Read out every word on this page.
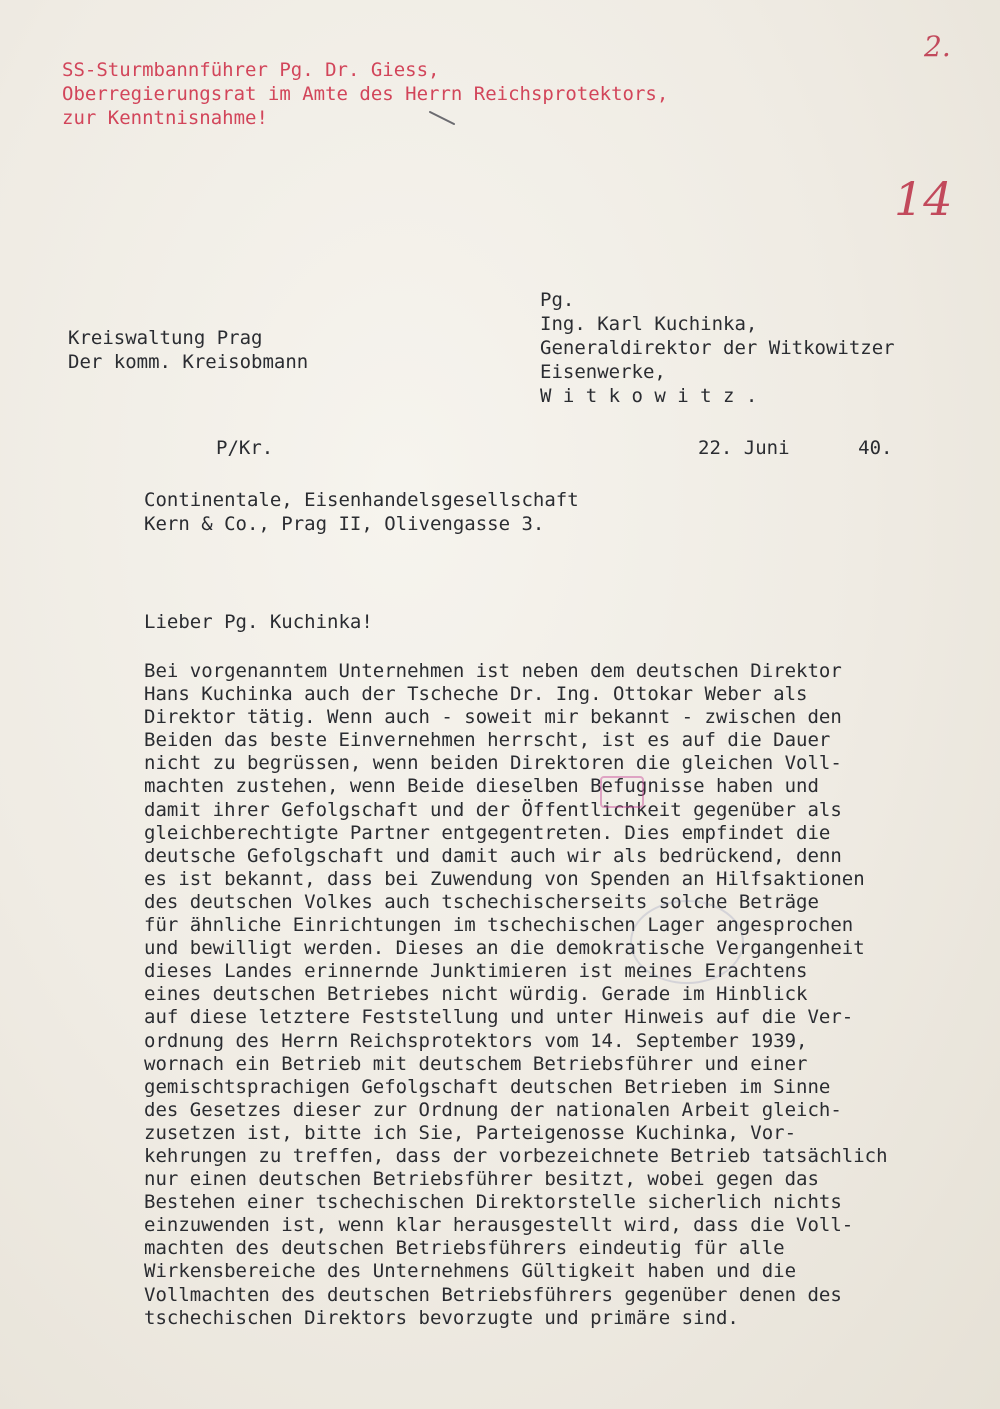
SS-Sturmbannführer Pg. Dr. Giess,
Oberregierungsrat im Amte des Herrn Reichsprotektors,
zur Kenntnisnahme!
2.
14
Pg.
Ing. Karl Kuchinka,
Generaldirektor der Witkowitzer
Eisenwerke,
W i t k o w i t z .
Kreiswaltung Prag
Der komm. Kreisobmann
P/Kr.	22. Juni      40.
Continentale, Eisenhandelsgesellschaft
Kern & Co., Prag II, Olivengasse 3.
Lieber Pg. Kuchinka!
Bei vorgenanntem Unternehmen ist neben dem deutschen Direktor
Hans Kuchinka auch der Tscheche Dr. Ing. Ottokar Weber als
Direktor tätig. Wenn auch - soweit mir bekannt - zwischen den
Beiden das beste Einvernehmen herrscht, ist es auf die Dauer
nicht zu begrüssen, wenn beiden Direktoren die gleichen Voll-
machten zustehen, wenn Beide dieselben Befugnisse haben und
damit ihrer Gefolgschaft und der Öffentlichkeit gegenüber als
gleichberechtigte Partner entgegentreten. Dies empfindet die
deutsche Gefolgschaft und damit auch wir als bedrückend, denn
es ist bekannt, dass bei Zuwendung von Spenden an Hilfsaktionen
des deutschen Volkes auch tschechischerseits solche Beträge
für ähnliche Einrichtungen im tschechischen Lager angesprochen
und bewilligt werden. Dieses an die demokratische Vergangenheit
dieses Landes erinnernde Junktimieren ist meines Erachtens
eines deutschen Betriebes nicht würdig. Gerade im Hinblick
auf diese letztere Feststellung und unter Hinweis auf die Ver-
ordnung des Herrn Reichsprotektors vom 14. September 1939,
wornach ein Betrieb mit deutschem Betriebsführer und einer
gemischtsprachigen Gefolgschaft deutschen Betrieben im Sinne
des Gesetzes dieser zur Ordnung der nationalen Arbeit gleich-
zusetzen ist, bitte ich Sie, Parteigenosse Kuchinka, Vor-
kehrungen zu treffen, dass der vorbezeichnete Betrieb tatsächlich
nur einen deutschen Betriebsführer besitzt, wobei gegen das
Bestehen einer tschechischen Direktorstelle sicherlich nichts
einzuwenden ist, wenn klar herausgestellt wird, dass die Voll-
machten des deutschen Betriebsführers eindeutig für alle
Wirkensbereiche des Unternehmens Gültigkeit haben und die
Vollmachten des deutschen Betriebsführers gegenüber denen des
tschechischen Direktors bevorzugte und primäre sind.
